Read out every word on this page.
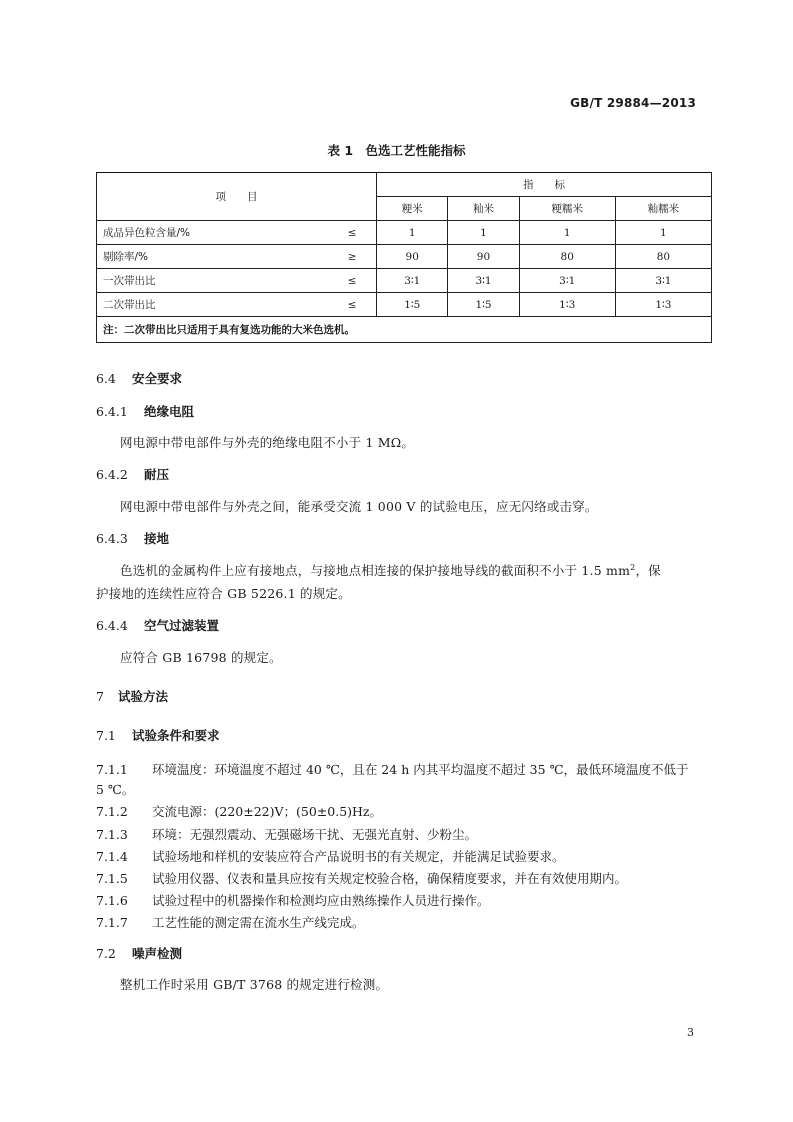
GB/T 29884—2013
表 1　色选工艺性能指标
项　　目		指　　标			
		粳米	籼米	粳糯米	籼糯米
成品异色粒含量/%	≤	1	1	1	1
剔除率/%	≥	90	90	80	80
一次带出比	≤	3∶1	3∶1	3∶1	3∶1
二次带出比	≤	1∶5	1∶5	1∶3	1∶3
注：二次带出比只适用于具有复选功能的大米色选机。					
6.4 安全要求
6.4.1 绝缘电阻
网电源中带电部件与外壳的绝缘电阻不小于 1 MΩ。
6.4.2 耐压
网电源中带电部件与外壳之间，能承受交流 1 000 V 的试验电压，应无闪络或击穿。
6.4.3 接地
色选机的金属构件上应有接地点，与接地点相连接的保护接地导线的截面积不小于 1.5 $mm^2$，保
护接地的连续性应符合 GB 5226.1 的规定。
6.4.4 空气过滤装置
应符合 GB 16798 的规定。
7 试验方法
7.1 试验条件和要求
7.1.1 环境温度：环境温度不超过 40 ℃，且在 24 h 内其平均温度不超过 35 ℃，最低环境温度不低于
5 ℃。
7.1.2 交流电源：(220±22)V；(50±0.5)Hz。
7.1.3 环境：无强烈震动、无强磁场干扰、无强光直射、少粉尘。
7.1.4 试验场地和样机的安装应符合产品说明书的有关规定，并能满足试验要求。
7.1.5 试验用仪器、仪表和量具应按有关规定校验合格，确保精度要求，并在有效使用期内。
7.1.6 试验过程中的机器操作和检测均应由熟练操作人员进行操作。
7.1.7 工艺性能的测定需在流水生产线完成。
7.2 噪声检测
整机工作时采用 GB/T 3768 的规定进行检测。
3
